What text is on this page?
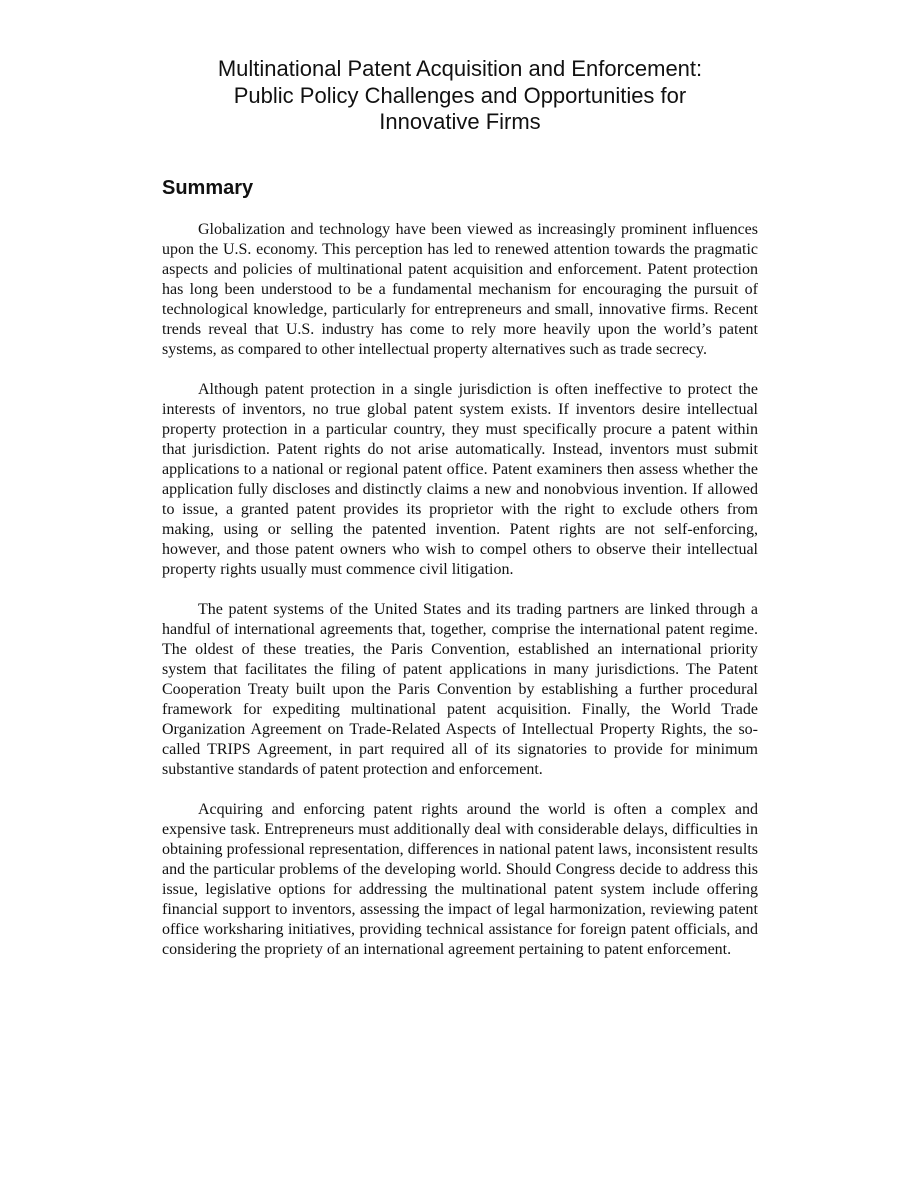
Multinational Patent Acquisition and Enforcement:
Public Policy Challenges and Opportunities for
Innovative Firms
Summary

Globalization and technology have been viewed as increasingly prominent influences upon the U.S. economy. This perception has led to renewed attention towards the pragmatic aspects and policies of multinational patent acquisition and enforcement. Patent protection has long been understood to be a fundamental mechanism for encouraging the pursuit of technological knowledge, particularly for entrepreneurs and small, innovative firms. Recent trends reveal that U.S. industry has come to rely more heavily upon the world’s patent systems, as compared to other intellectual property alternatives such as trade secrecy.

Although patent protection in a single jurisdiction is often ineffective to protect the interests of inventors, no true global patent system exists. If inventors desire intellectual property protection in a particular country, they must specifically procure a patent within that jurisdiction. Patent rights do not arise automatically. Instead, inventors must submit applications to a national or regional patent office. Patent examiners then assess whether the application fully discloses and distinctly claims a new and nonobvious invention. If allowed to issue, a granted patent provides its proprietor with the right to exclude others from making, using or selling the patented invention. Patent rights are not self-enforcing, however, and those patent owners who wish to compel others to observe their intellectual property rights usually must commence civil litigation.

The patent systems of the United States and its trading partners are linked through a handful of international agreements that, together, comprise the international patent regime. The oldest of these treaties, the Paris Convention, established an international priority system that facilitates the filing of patent applications in many jurisdictions. The Patent Cooperation Treaty built upon the Paris Convention by establishing a further procedural framework for expediting multinational patent acquisition. Finally, the World Trade Organization Agreement on Trade-Related Aspects of Intellectual Property Rights, the so-called TRIPS Agreement, in part required all of its signatories to provide for minimum substantive standards of patent protection and enforcement.

Acquiring and enforcing patent rights around the world is often a complex and expensive task. Entrepreneurs must additionally deal with considerable delays, difficulties in obtaining professional representation, differences in national patent laws, inconsistent results and the particular problems of the developing world. Should Congress decide to address this issue, legislative options for addressing the multinational patent system include offering financial support to inventors, assessing the impact of legal harmonization, reviewing patent office worksharing initiatives, providing technical assistance for foreign patent officials, and considering the propriety of an international agreement pertaining to patent enforcement.
